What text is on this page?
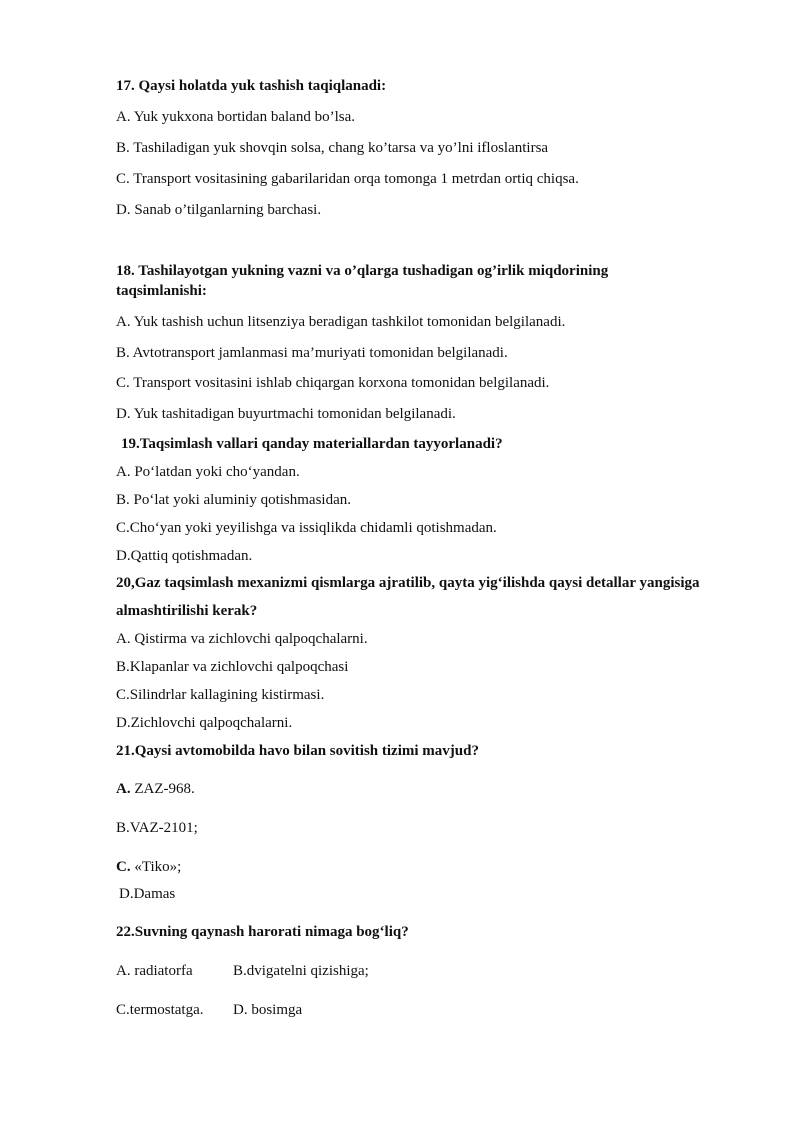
17. Qaysi holatda yuk tashish taqiqlanadi:
A. Yuk yukxona bortidan baland bo’lsa.
B. Tashiladigan yuk shovqin solsa, chang ko’tarsa va yo’lni ifloslantirsa
C. Transport vositasining gabarilaridan orqa tomonga 1 metrdan ortiq chiqsa.
D. Sanab o’tilganlarning barchasi.
18. Tashilayotgan yukning vazni va o’qlarga tushadigan og’irlik miqdorining
taqsimlanishi:
A. Yuk tashish uchun litsenziya beradigan tashkilot tomonidan belgilanadi.
B. Avtotransport jamlanmasi ma’muriyati tomonidan belgilanadi.
C. Transport vositasini ishlab chiqargan korxona tomonidan belgilanadi.
D. Yuk tashitadigan buyurtmachi tomonidan belgilanadi.
19.Taqsimlash vallari qanday materiallardan tayyorlanadi?
A. Po‘latdan yoki cho‘yandan.
B. Po‘lat yoki aluminiy qotishmasidan.
C.Cho‘yan yoki yeyilishga va issiqlikda chidamli qotishmadan.
D.Qattiq qotishmadan.
20,Gaz taqsimlash mexanizmi qismlarga ajratilib, qayta yig‘ilishda qaysi detallar yangisiga
almashtirilishi kerak?
A. Qistirma va zichlovchi qalpoqchalarni.
B.Klapanlar va zichlovchi qalpoqchasi
C.Silindrlar kallagining kistirmasi.
D.Zichlovchi qalpoqchalarni.
21.Qaysi avtomobilda havo bilan sovitish tizimi mavjud?
A. ZAZ-968.
B.VAZ-2101;
C. «Tiko»;
D.Damas
22.Suvning qaynash harorati nimaga bog‘liq?
A. radiatorfa	B.dvigatelni qizishiga;
C.termostatga. D. bosimga
